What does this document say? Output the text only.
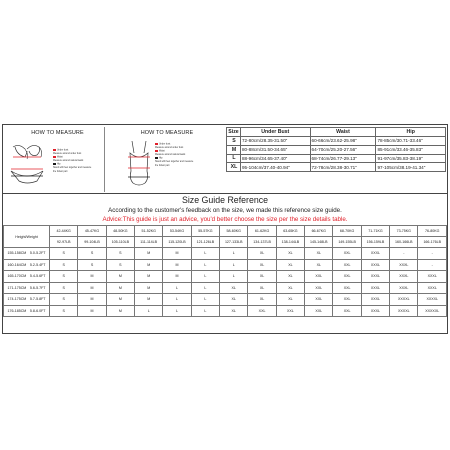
HOW TO MEASURE
Under bust
Measure around under bust
Waist
Measure around natural waist
Hip
Stand with feet together and measure
the fullest part
HOW TO MEASURE
Under bust
Measure around under bust
Waist
Measure around natural waist
Hip
Stand with feet together and measure
the fullest part
Size	Under Bust	Waist	Hip
S	72-80cm/28.35-31.50"	60-66cm/23.62-25.98"	78-85cm/30.71-33.46"
M	80-88cm/31.50-34.65"	64-70cm/25.20-27.56"	85-91cm/33.46-35.83"
L	88-96cm/34.65-37.40"	68-74cm/26.77-29.13"	91-97cm/35.83-38.19"
XL	95-104cm/37.40-40.94"	72-78cm/28.38-30.71"	97-105cm/38.19-41.34"
Size Guide Reference
According to the customer's feedback on the size, we made this reference size guide.
Advice:This guide is just an advice, you'd better choose the size per the size details table.
Height/Weight	42-44KG	45-47KG	48-50KG	51-52KG	53-54KG	55-57KG	58-60KG	61-62KG	63-65KG	66-67KG	68-70KG	71-71KG	73-75KG	76-80KG
	92-97LB	99-104LB	105-110LB	111-114LB	115-120LB	121-126LB	127-133LB	134-137LB	138-144LB	145-148LB	149-155LB	156-159LB	160-166LB	166-176LB
155-158CM  5.0-5.2FT	S	S	S	M	M	L	L	XL	XL	XL	XXL	XXXL	-	-
160-164CM  5.2-5.4FT	S	S	S	M	M	L	L	XL	XL	XL	XXL	XXXL	XXXL	-
165-170CM  5.4-5.6FT	S	M	M	M	M	L	L	XL	XL	XXL	XXL	XXXL	XXXL	XXXL
171-175CM  5.6-5.7FT	S	M	M	M	L	L	XL	XL	XL	XXL	XXL	XXXL	XXXL	XXXL
174-175CM  5.7-5.8FT	S	M	M	M	L	L	XL	XL	XL	XXL	XXL	XXXL	XXXXL	XXXXL
176-185CM  5.8-6.0FT	S	M	M	L	L	L	XL	XXL	XXL	XXL	XXL	XXXL	XXXXL	XXXXXL
